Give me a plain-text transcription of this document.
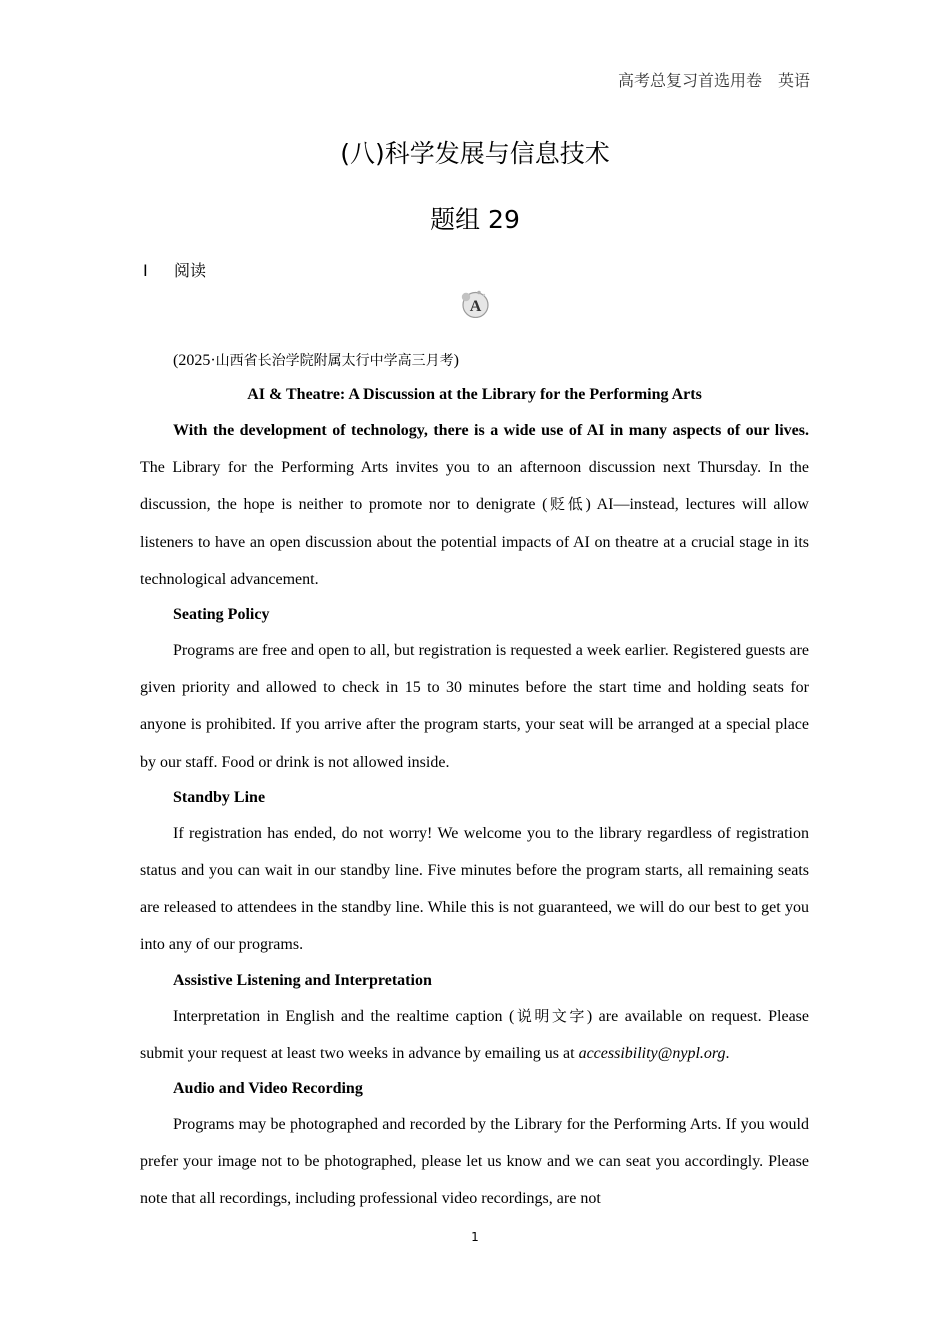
高考总复习首选用卷 英语
(八)科学发展与信息技术
题组 29
Ⅰ 阅读
A

(2025·山西省长治学院附属太行中学高三月考)

AI & Theatre: A Discussion at the Library for the Performing Arts

With the development of technology, there is a wide use of AI in many aspects of our lives. The Library for the Performing Arts invites you to an afternoon discussion next Thursday. In the discussion, the hope is neither to promote nor to denigrate (贬低) AI—instead, lectures will allow listeners to have an open discussion about the potential impacts of AI on theatre at a crucial stage in its technological advancement.

Seating Policy

Programs are free and open to all, but registration is requested a week earlier. Registered guests are given priority and allowed to check in 15 to 30 minutes before the start time and holding seats for anyone is prohibited. If you arrive after the program starts, your seat will be arranged at a special place by our staff. Food or drink is not allowed inside.

Standby Line

If registration has ended, do not worry! We welcome you to the library regardless of registration status and you can wait in our standby line. Five minutes before the program starts, all remaining seats are released to attendees in the standby line. While this is not guaranteed, we will do our best to get you into any of our programs.

Assistive Listening and Interpretation

Interpretation in English and the realtime caption (说明文字) are available on request. Please submit your request at least two weeks in advance by emailing us at accessibility@nypl.org.

Audio and Video Recording

Programs may be photographed and recorded by the Library for the Performing Arts. If you would prefer your image not to be photographed, please let us know and we can seat you accordingly. Please note that all recordings, including professional video recordings, are not

1
